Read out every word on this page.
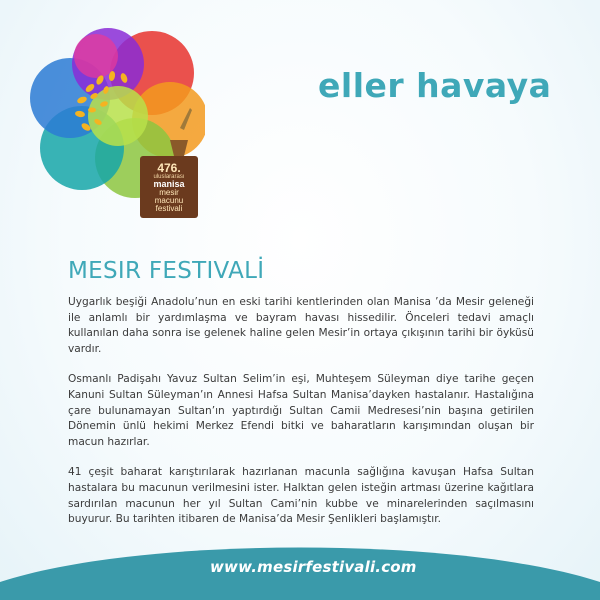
476.
uluslararası
manisa
mesir
macunu
festivali
eller havaya
MESIR FESTIVALİ

Uygarlık beşiği Anadolu’nun en eski tarihi kentlerinden olan Manisa ’da Mesir geleneği ile anlamlı bir yardımlaşma ve bayram havası hissedilir. Önceleri tedavi amaçlı kullanılan daha sonra ise gelenek haline gelen Mesir’in ortaya çıkışının tarihi bir öyküsü vardır.

Osmanlı Padişahı Yavuz Sultan Selim’in eşi, Muhteşem Süleyman diye tarihe geçen Kanuni Sultan Süleyman’ın Annesi Hafsa Sultan Manisa’dayken hastalanır. Hastalığına çare bulunamayan Sultan’ın yaptırdığı Sultan Camii Medresesi’nin başına getirilen Dönemin ünlü hekimi Merkez Efendi bitki ve baharatların karışımından oluşan bir macun hazırlar.

41 çeşit baharat karıştırılarak hazırlanan macunla sağlığına kavuşan Hafsa Sultan hastalara bu macunun verilmesini ister. Halktan gelen isteğin artması üzerine kağıtlara sardırılan macunun her yıl Sultan Cami’nin kubbe ve minarelerinden saçılmasını buyurur. Bu tarihten itibaren de Manisa’da Mesir Şenlikleri başlamıştır.

www.mesirfestivali.com
